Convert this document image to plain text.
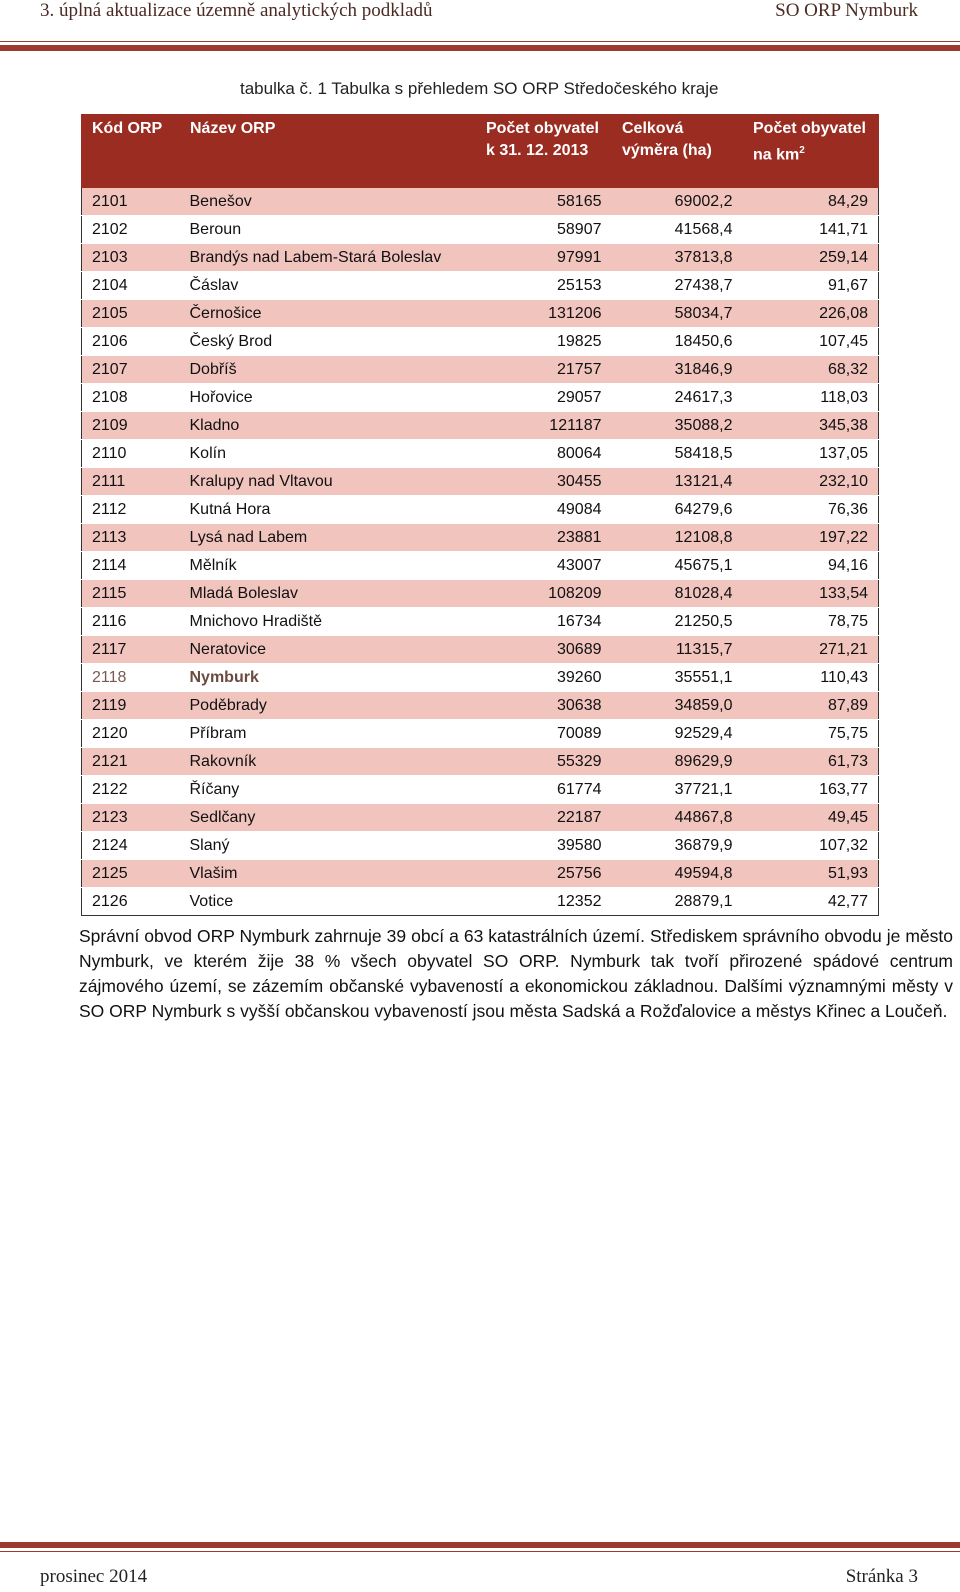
3. úplná aktualizace územně analytických podkladů	SO ORP Nymburk
tabulka č. 1 Tabulka s přehledem SO ORP Středočeského kraje
Kód ORP	Název ORP	Počet obyvatel k 31. 12. 2013	Celková výměra (ha)	Počet obyvatel na $km^2$
2101	Benešov	58165	69002,2	84,29
2102	Beroun	58907	41568,4	141,71
2103	Brandýs nad Labem-Stará Boleslav	97991	37813,8	259,14
2104	Čáslav	25153	27438,7	91,67
2105	Černošice	131206	58034,7	226,08
2106	Český Brod	19825	18450,6	107,45
2107	Dobříš	21757	31846,9	68,32
2108	Hořovice	29057	24617,3	118,03
2109	Kladno	121187	35088,2	345,38
2110	Kolín	80064	58418,5	137,05
2111	Kralupy nad Vltavou	30455	13121,4	232,10
2112	Kutná Hora	49084	64279,6	76,36
2113	Lysá nad Labem	23881	12108,8	197,22
2114	Mělník	43007	45675,1	94,16
2115	Mladá Boleslav	108209	81028,4	133,54
2116	Mnichovo Hradiště	16734	21250,5	78,75
2117	Neratovice	30689	11315,7	271,21
2118	Nymburk	39260	35551,1	110,43
2119	Poděbrady	30638	34859,0	87,89
2120	Příbram	70089	92529,4	75,75
2121	Rakovník	55329	89629,9	61,73
2122	Říčany	61774	37721,1	163,77
2123	Sedlčany	22187	44867,8	49,45
2124	Slaný	39580	36879,9	107,32
2125	Vlašim	25756	49594,8	51,93
2126	Votice	12352	28879,1	42,77
Správní obvod ORP Nymburk zahrnuje 39 obcí a 63 katastrálních území. Střediskem správního obvodu je město Nymburk, ve kterém žije 38 % všech obyvatel SO ORP. Nymburk tak tvoří přirozené spádové centrum zájmového území, se zázemím občanské vybaveností a ekonomickou základnou. Dalšími významnými městy v SO ORP Nymburk s vyšší občanskou vybaveností jsou města Sadská a Rožďalovice a městys Křinec a Loučeň.
prosinec 2014	Stránka 3
